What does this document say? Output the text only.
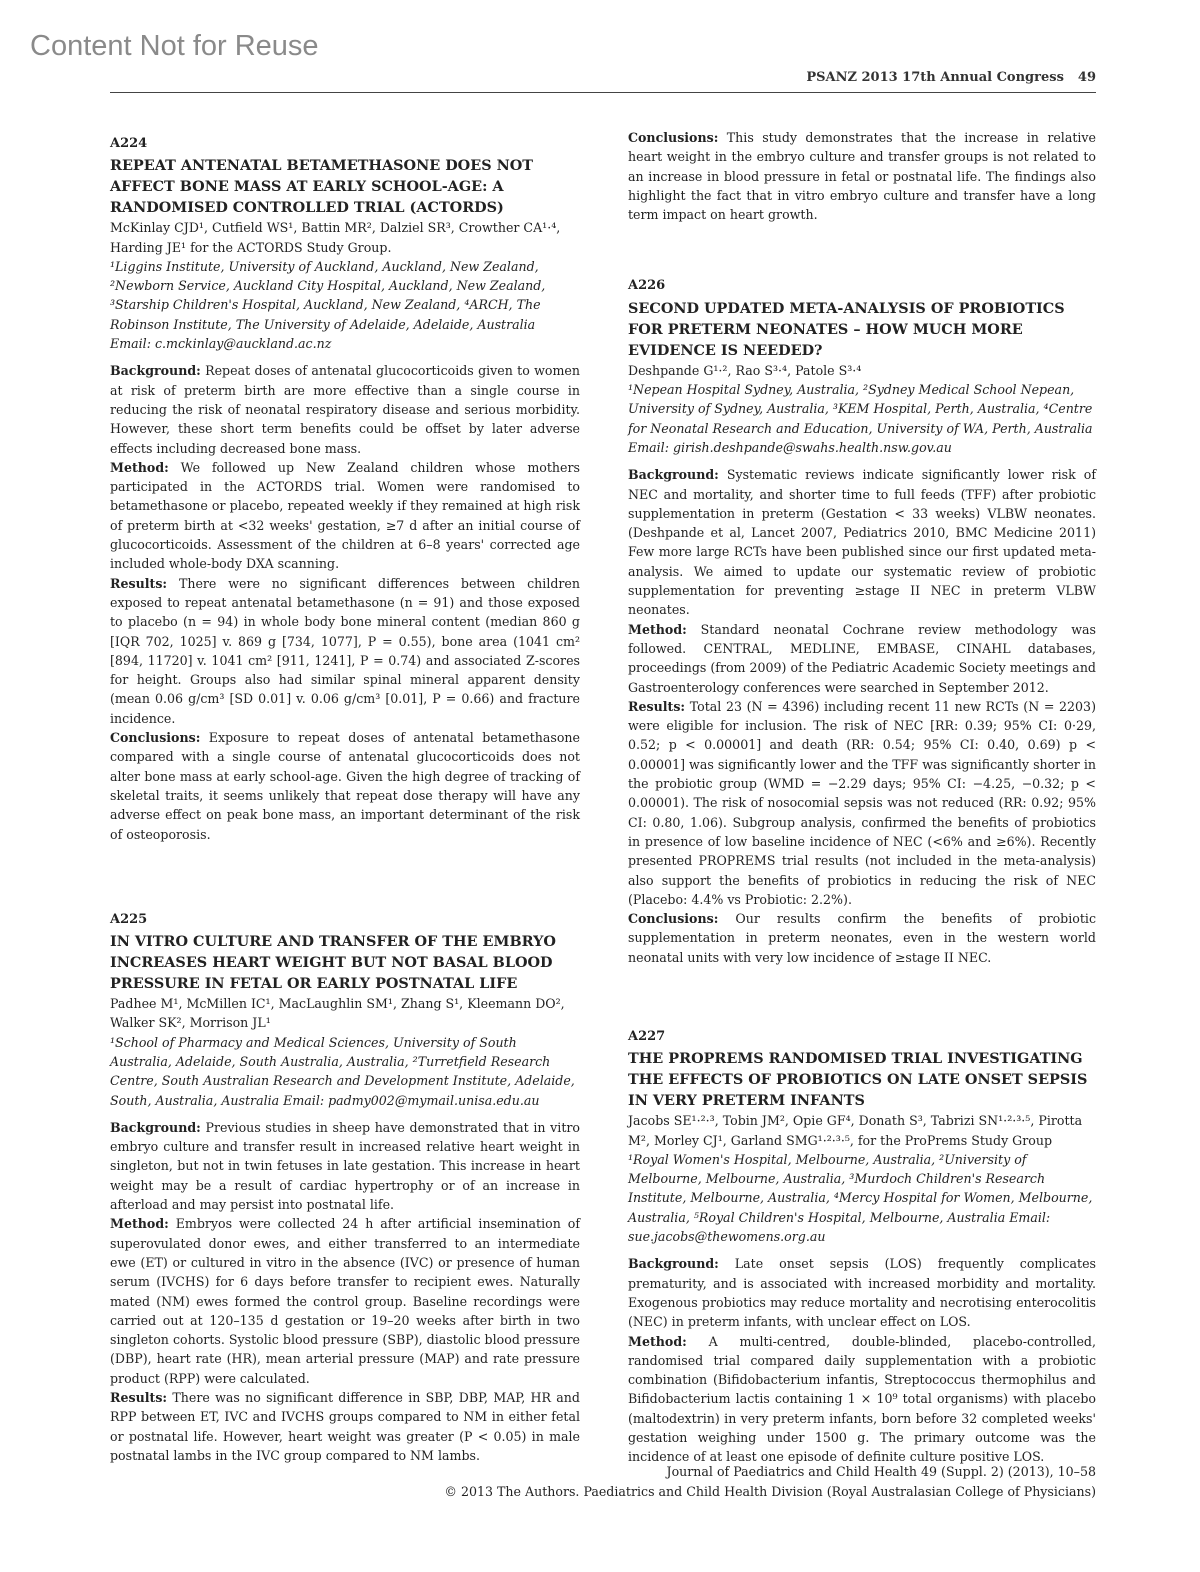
Content Not for Reuse
PSANZ 2013 17th Annual Congress 49
A224
REPEAT ANTENATAL BETAMETHASONE DOES NOT AFFECT BONE MASS AT EARLY SCHOOL-AGE: A RANDOMISED CONTROLLED TRIAL (ACTORDS)
McKinlay CJD¹, Cutfield WS¹, Battin MR², Dalziel SR³, Crowther CA¹·⁴, Harding JE¹ for the ACTORDS Study Group.
¹Liggins Institute, University of Auckland, Auckland, New Zealand, ²Newborn Service, Auckland City Hospital, Auckland, New Zealand, ³Starship Children's Hospital, Auckland, New Zealand, ⁴ARCH, The Robinson Institute, The University of Adelaide, Adelaide, Australia Email: c.mckinlay@auckland.ac.nz

Background: Repeat doses of antenatal glucocorticoids given to women at risk of preterm birth are more effective than a single course in reducing the risk of neonatal respiratory disease and serious morbidity. However, these short term benefits could be offset by later adverse effects including decreased bone mass.

Method: We followed up New Zealand children whose mothers participated in the ACTORDS trial. Women were randomised to betamethasone or placebo, repeated weekly if they remained at high risk of preterm birth at <32 weeks' gestation, ≥7 d after an initial course of glucocorticoids. Assessment of the children at 6–8 years' corrected age included whole-body DXA scanning.

Results: There were no significant differences between children exposed to repeat antenatal betamethasone (n = 91) and those exposed to placebo (n = 94) in whole body bone mineral content (median 860 g [IQR 702, 1025] v. 869 g [734, 1077], P = 0.55), bone area (1041 cm² [894, 11720] v. 1041 cm² [911, 1241], P = 0.74) and associated Z-scores for height. Groups also had similar spinal mineral apparent density (mean 0.06 g/cm³ [SD 0.01] v. 0.06 g/cm³ [0.01], P = 0.66) and fracture incidence.

Conclusions: Exposure to repeat doses of antenatal betamethasone compared with a single course of antenatal glucocorticoids does not alter bone mass at early school-age. Given the high degree of tracking of skeletal traits, it seems unlikely that repeat dose therapy will have any adverse effect on peak bone mass, an important determinant of the risk of osteoporosis.

A225
IN VITRO CULTURE AND TRANSFER OF THE EMBRYO INCREASES HEART WEIGHT BUT NOT BASAL BLOOD PRESSURE IN FETAL OR EARLY POSTNATAL LIFE
Padhee M¹, McMillen IC¹, MacLaughlin SM¹, Zhang S¹, Kleemann DO², Walker SK², Morrison JL¹
¹School of Pharmacy and Medical Sciences, University of South Australia, Adelaide, South Australia, Australia, ²Turretfield Research Centre, South Australian Research and Development Institute, Adelaide, South, Australia, Australia Email: padmy002@mymail.unisa.edu.au

Background: Previous studies in sheep have demonstrated that in vitro embryo culture and transfer result in increased relative heart weight in singleton, but not in twin fetuses in late gestation. This increase in heart weight may be a result of cardiac hypertrophy or of an increase in afterload and may persist into postnatal life.

Method: Embryos were collected 24 h after artificial insemination of superovulated donor ewes, and either transferred to an intermediate ewe (ET) or cultured in vitro in the absence (IVC) or presence of human serum (IVCHS) for 6 days before transfer to recipient ewes. Naturally mated (NM) ewes formed the control group. Baseline recordings were carried out at 120–135 d gestation or 19–20 weeks after birth in two singleton cohorts. Systolic blood pressure (SBP), diastolic blood pressure (DBP), heart rate (HR), mean arterial pressure (MAP) and rate pressure product (RPP) were calculated.

Results: There was no significant difference in SBP, DBP, MAP, HR and RPP between ET, IVC and IVCHS groups compared to NM in either fetal or postnatal life. However, heart weight was greater (P < 0.05) in male postnatal lambs in the IVC group compared to NM lambs.

Conclusions: This study demonstrates that the increase in relative heart weight in the embryo culture and transfer groups is not related to an increase in blood pressure in fetal or postnatal life. The findings also highlight the fact that in vitro embryo culture and transfer have a long term impact on heart growth.

A226
SECOND UPDATED META-ANALYSIS OF PROBIOTICS FOR PRETERM NEONATES – HOW MUCH MORE EVIDENCE IS NEEDED?
Deshpande G¹·², Rao S³·⁴, Patole S³·⁴
¹Nepean Hospital Sydney, Australia, ²Sydney Medical School Nepean, University of Sydney, Australia, ³KEM Hospital, Perth, Australia, ⁴Centre for Neonatal Research and Education, University of WA, Perth, Australia Email: girish.deshpande@swahs.health.nsw.gov.au

Background: Systematic reviews indicate significantly lower risk of NEC and mortality, and shorter time to full feeds (TFF) after probiotic supplementation in preterm (Gestation < 33 weeks) VLBW neonates. (Deshpande et al, Lancet 2007, Pediatrics 2010, BMC Medicine 2011) Few more large RCTs have been published since our first updated meta-analysis. We aimed to update our systematic review of probiotic supplementation for preventing ≥stage II NEC in preterm VLBW neonates.

Method: Standard neonatal Cochrane review methodology was followed. CENTRAL, MEDLINE, EMBASE, CINAHL databases, proceedings (from 2009) of the Pediatric Academic Society meetings and Gastroenterology conferences were searched in September 2012.

Results: Total 23 (N = 4396) including recent 11 new RCTs (N = 2203) were eligible for inclusion. The risk of NEC [RR: 0.39; 95% CI: 0·29, 0.52; p < 0.00001] and death (RR: 0.54; 95% CI: 0.40, 0.69) p < 0.00001] was significantly lower and the TFF was significantly shorter in the probiotic group (WMD = −2.29 days; 95% CI: −4.25, −0.32; p < 0.00001). The risk of nosocomial sepsis was not reduced (RR: 0.92; 95% CI: 0.80, 1.06). Subgroup analysis, confirmed the benefits of probiotics in presence of low baseline incidence of NEC (<6% and ≥6%). Recently presented PROPREMS trial results (not included in the meta-analysis) also support the benefits of probiotics in reducing the risk of NEC (Placebo: 4.4% vs Probiotic: 2.2%).

Conclusions: Our results confirm the benefits of probiotic supplementation in preterm neonates, even in the western world neonatal units with very low incidence of ≥stage II NEC.

A227
THE PROPREMS RANDOMISED TRIAL INVESTIGATING THE EFFECTS OF PROBIOTICS ON LATE ONSET SEPSIS IN VERY PRETERM INFANTS
Jacobs SE¹·²·³, Tobin JM², Opie GF⁴, Donath S³, Tabrizi SN¹·²·³·⁵, Pirotta M², Morley CJ¹, Garland SMG¹·²·³·⁵, for the ProPrems Study Group
¹Royal Women's Hospital, Melbourne, Australia, ²University of Melbourne, Melbourne, Australia, ³Murdoch Children's Research Institute, Melbourne, Australia, ⁴Mercy Hospital for Women, Melbourne, Australia, ⁵Royal Children's Hospital, Melbourne, Australia Email: sue.jacobs@thewomens.org.au

Background: Late onset sepsis (LOS) frequently complicates prematurity, and is associated with increased morbidity and mortality. Exogenous probiotics may reduce mortality and necrotising enterocolitis (NEC) in preterm infants, with unclear effect on LOS.

Method: A multi-centred, double-blinded, placebo-controlled, randomised trial compared daily supplementation with a probiotic combination (Bifidobacterium infantis, Streptococcus thermophilus and Bifidobacterium lactis containing 1 × 10⁹ total organisms) with placebo (maltodextrin) in very preterm infants, born before 32 completed weeks' gestation weighing under 1500 g. The primary outcome was the incidence of at least one episode of definite culture positive LOS.

Journal of Paediatrics and Child Health 49 (Suppl. 2) (2013), 10–58
© 2013 The Authors. Paediatrics and Child Health Division (Royal Australasian College of Physicians)
